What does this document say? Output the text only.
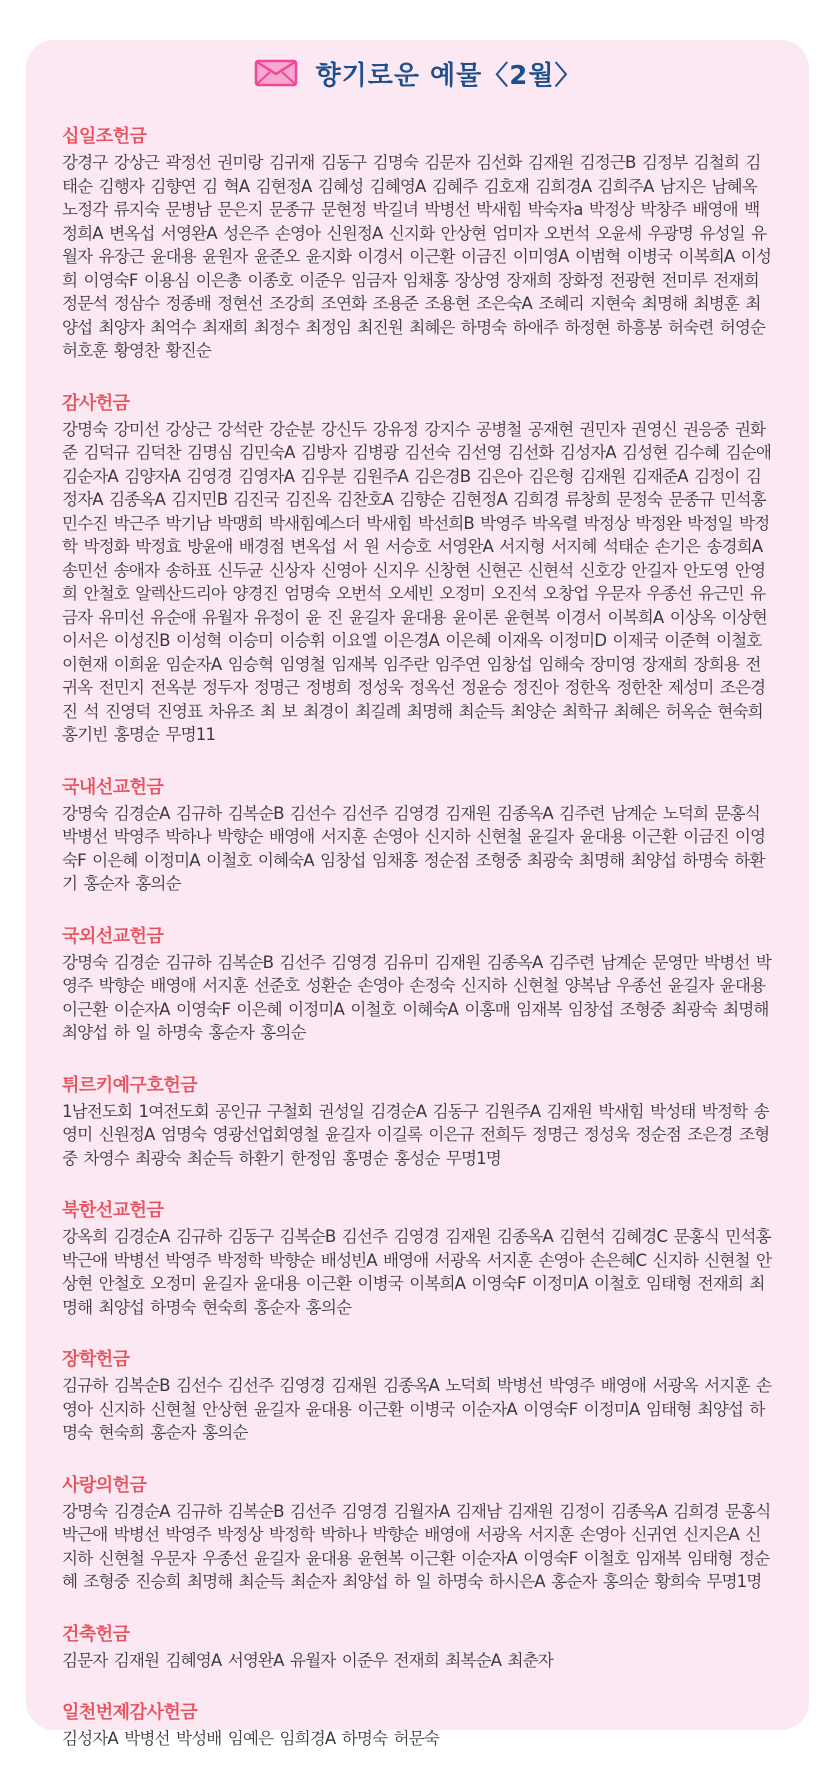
향기로운 예물〈2월〉
십일조헌금

강경구 강상근 곽정선 권미랑 김귀재 김동구 김명숙 김문자 김선화 김재원 김정근B 김정부 김철희 김태순 김행자 김향연 김 혁A 김현정A 김혜성 김혜영A 김혜주 김호재 김희경A 김희주A 남지은 남혜옥 노정각 류지숙 문병남 문은지 문종규 문현정 박길녀 박병선 박새힘 박숙자a 박정상 박창주 배영애 백정희A 변옥섭 서영완A 성은주 손영아 신원정A 신지화 안상현 엄미자 오번석 오윤세 우광명 유성일 유월자 유장근 윤대용 윤원자 윤준오 윤지화 이경서 이근환 이금진 이미영A 이범혁 이병국 이복희A 이성희 이영숙F 이용심 이은총 이종호 이준우 임금자 임채홍 장상영 장재희 장화정 전광현 전미루 전재희 정문석 정삼수 정종배 정현선 조강희 조연화 조용준 조용현 조은숙A 조혜리 지현숙 최명해 최병훈 최양섭 최양자 최억수 최재희 최정수 최정임 최진원 최혜은 하명숙 하애주 하정현 하흥봉 허숙련 허영순 허호훈 황영찬 황진순

감사헌금

강명숙 강미선 강상근 강석란 강순분 강신두 강유정 강지수 공병철 공재현 권민자 권영신 권응중 권화준 김덕규 김덕찬 김명심 김민숙A 김방자 김병광 김선숙 김선영 김선화 김성자A 김성현 김수혜 김순애 김순자A 김양자A 김영경 김영자A 김우분 김원주A 김은경B 김은아 김은형 김재원 김재준A 김정이 김정자A 김종옥A 김지민B 김진국 김진옥 김찬호A 김향순 김현정A 김희경 류창희 문정숙 문종규 민석홍 민수진 박근주 박기남 박맹희 박새힘예스더 박새힘 박선희B 박영주 박옥렬 박정상 박정완 박정일 박정학 박정화 박정효 방윤애 배경점 변옥섭 서 원 서승호 서영완A 서지형 서지혜 석태순 손기은 송경희A 송민선 송애자 송하표 신두균 신상자 신영아 신지우 신창현 신현곤 신현석 신호강 안길자 안도영 안영희 안철호 알렉산드리아 양경진 엄명숙 오번석 오세빈 오정미 오진석 오창업 우문자 우종선 유근민 유금자 유미선 유순애 유월자 유정이 윤 진 윤길자 윤대용 윤이론 윤현복 이경서 이복희A 이상옥 이상현 이서은 이성진B 이성혁 이승미 이승휘 이요엘 이은경A 이은혜 이재옥 이정미D 이제국 이준혁 이철호 이현재 이희윤 임순자A 임승혁 임영철 임재복 임주란 임주연 임창섭 임해숙 장미영 장재희 장희용 전귀옥 전민지 전옥분 정두자 정명근 정병희 정성욱 정옥선 정윤승 정진아 정한옥 정한찬 제성미 조은경 진 석 진영덕 진영표 차유조 최 보 최경이 최길례 최명해 최순득 최양순 최학규 최혜은 허옥순 현숙희 홍기빈 홍명순 무명11

국내선교헌금

강명숙 김경순A 김규하 김복순B 김선수 김선주 김영경 김재원 김종옥A 김주련 남계순 노덕희 문홍식 박병선 박영주 박하나 박향순 배영애 서지훈 손영아 신지하 신현철 윤길자 윤대용 이근환 이금진 이영숙F 이은혜 이정미A 이철호 이혜숙A 임창섭 임채홍 정순점 조형중 최광숙 최명해 최양섭 하명숙 하환기 홍순자 홍의순

국외선교헌금

강명숙 김경순 김규하 김복순B 김선주 김영경 김유미 김재원 김종옥A 김주련 남계순 문영만 박병선 박영주 박향순 배영애 서지훈 선준호 성환순 손영아 손정숙 신지하 신현철 양복남 우종선 윤길자 윤대용 이근환 이순자A 이영숙F 이은혜 이정미A 이철호 이혜숙A 이홍매 임재복 임창섭 조형중 최광숙 최명해 최양섭 하 일 하명숙 홍순자 홍의순

튀르키예구호헌금

1남전도회 1여전도회 공인규 구철회 권성일 김경순A 김동구 김원주A 김재원 박새힘 박성태 박정학 송영미 신원정A 엄명숙 영광선업회영철 윤길자 이길록 이은규 전희두 정명근 정성욱 정순점 조은경 조형중 차영수 최광숙 최순득 하환기 한정임 홍명순 홍성순 무명1명

북한선교헌금

강옥희 김경순A 김규하 김동구 김복순B 김선주 김영경 김재원 김종옥A 김현석 김혜경C 문홍식 민석홍 박근애 박병선 박영주 박정학 박향순 배성빈A 배영애 서광옥 서지훈 손영아 손은혜C 신지하 신현철 안상현 안철호 오정미 윤길자 윤대용 이근환 이병국 이복희A 이영숙F 이정미A 이철호 임태형 전재희 최명해 최양섭 하명숙 현숙희 홍순자 홍의순

장학헌금

김규하 김복순B 김선수 김선주 김영경 김재원 김종옥A 노덕희 박병선 박영주 배영애 서광옥 서지훈 손영아 신지하 신현철 안상현 윤길자 윤대용 이근환 이병국 이순자A 이영숙F 이정미A 임태형 최양섭 하명숙 현숙희 홍순자 홍의순

사랑의헌금

강명숙 김경순A 김규하 김복순B 김선주 김영경 김월자A 김재남 김재원 김정이 김종옥A 김희경 문홍식 박근애 박병선 박영주 박정상 박정학 박하나 박향순 배영애 서광옥 서지훈 손영아 신귀연 신지은A 신지하 신현철 우문자 우종선 윤길자 윤대용 윤현복 이근환 이순자A 이영숙F 이철호 임재복 임태형 정순혜 조형중 진승희 최명해 최순득 최순자 최양섭 하 일 하명숙 하시은A 홍순자 홍의순 황희숙 무명1명

건축헌금

김문자 김재원 김혜영A 서영완A 유월자 이준우 전재희 최복순A 최춘자

일천번제감사헌금

김성자A 박병선 박성배 임예은 임희경A 하명숙 허문숙
